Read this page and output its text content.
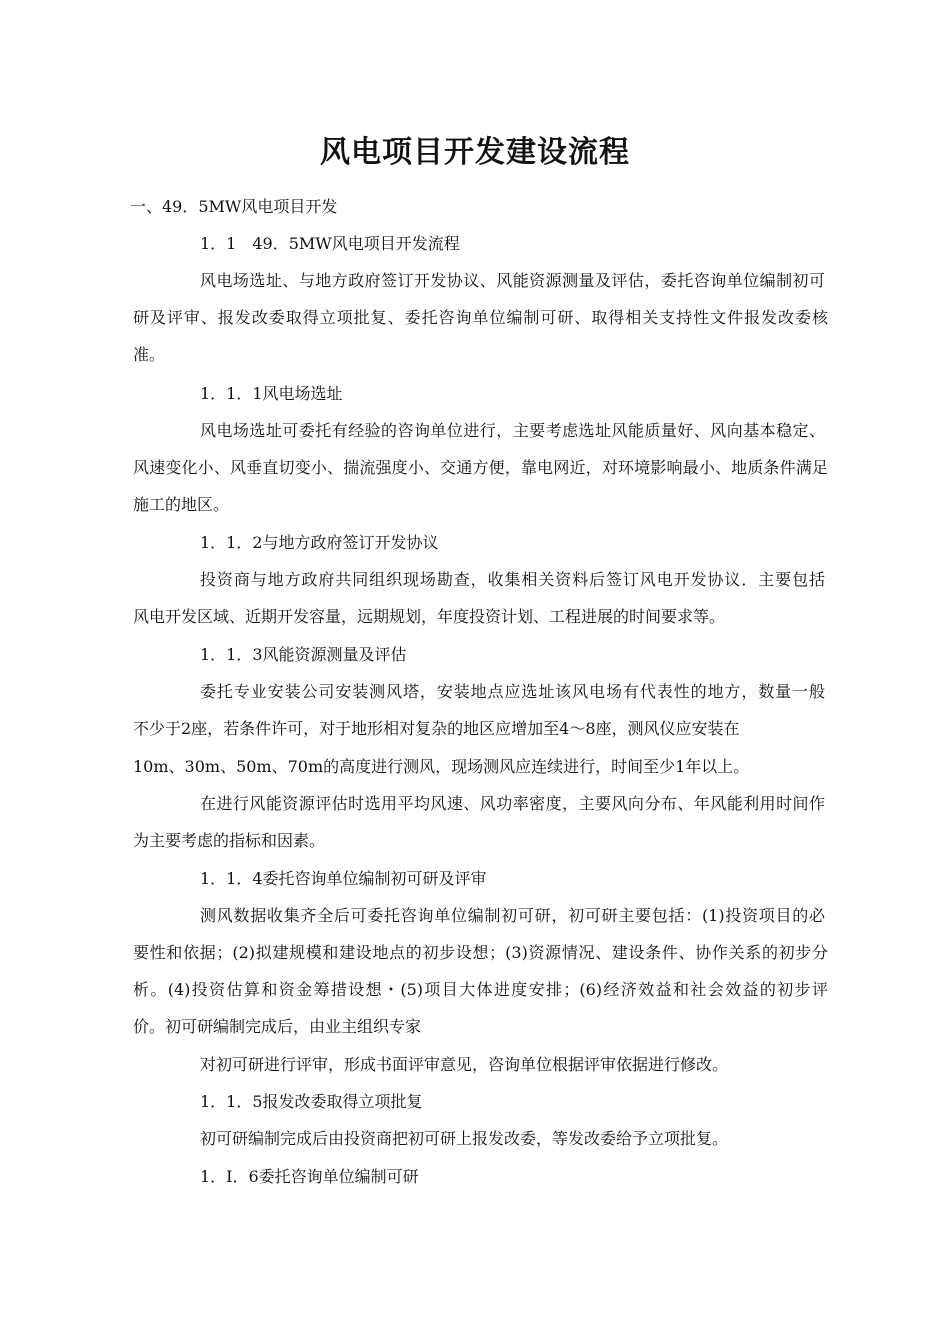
风电项目开发建设流程
一、49．5MW风电项目开发
1．1　49．5MW风电项目开发流程
风电场选址、与地方政府签订开发协议、风能资源测量及评估，委托咨询单位编制初可
研及评审、报发改委取得立项批复、委托咨询单位编制可研、取得相关支持性文件报发改委核
准。
1．1．1风电场选址
风电场选址可委托有经验的咨询单位进行，主要考虑选址风能质量好、风向基本稳定、
风速变化小、风垂直切变小、揣流强度小、交通方便，靠电网近，对环境影响最小、地质条件满足
施工的地区。
1．1．2与地方政府签订开发协议
投资商与地方政府共同组织现场勘查，收集相关资料后签订风电开发协议．主要包括
风电开发区域、近期开发容量，远期规划，年度投资计划、工程进展的时间要求等。
1．1．3风能资源测量及评估
委托专业安装公司安装测风塔，安装地点应选址该风电场有代表性的地方，数量一般
不少于2座，若条件许可，对于地形相对复杂的地区应增加至4～8座，测风仪应安装在
10m、30m、50m、70m的高度进行测风，现场测风应连续进行，时间至少1年以上。
在进行风能资源评估时选用平均风速、风功率密度，主要风向分布、年风能利用时间作
为主要考虑的指标和因素。
1．1．4委托咨询单位编制初可研及评审
测风数据收集齐全后可委托咨询单位编制初可研，初可研主要包括：(1)投资项目的必
要性和依据；(2)拟建规模和建设地点的初步设想；(3)资源情况、建设条件、协作关系的初步分
析。(4)投资估算和资金筹措设想・(5)项目大体进度安排；(6)经济效益和社会效益的初步评
价。初可研编制完成后，由业主组织专家
对初可研进行评审，形成书面评审意见，咨询单位根据评审依据进行修改。
1．1．5报发改委取得立项批复
初可研编制完成后由投资商把初可研上报发改委，等发改委给予立项批复。
1．I．6委托咨询单位编制可研
